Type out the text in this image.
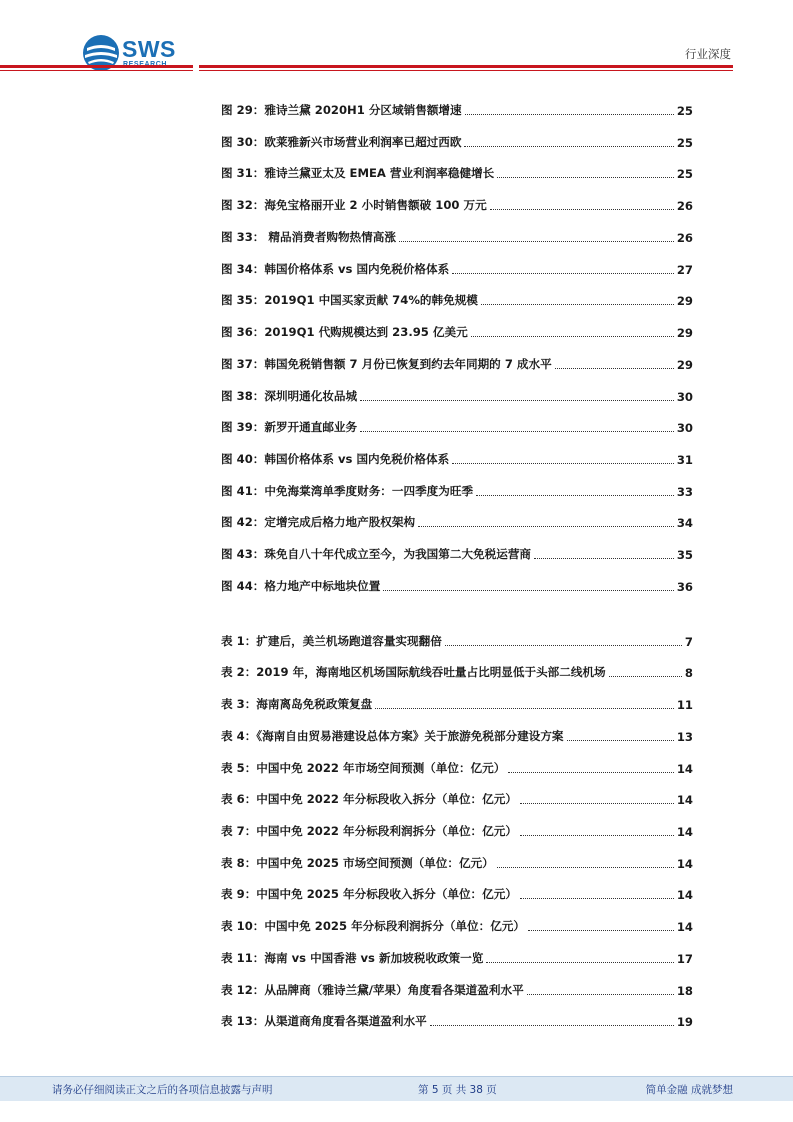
SWS	行业深度
图 29：雅诗兰黛 2020H1 分区域销售额增速	25
图 30：欧莱雅新兴市场营业利润率已超过西欧	25
图 31：雅诗兰黛亚太及 EMEA 营业利润率稳健增长	25
图 32：海免宝格丽开业 2 小时销售额破 100 万元	26
图 33： 精品消费者购物热情高涨	26
图 34：韩国价格体系 vs 国内免税价格体系	27
图 35：2019Q1 中国买家贡献 74%的韩免规模	29
图 36：2019Q1 代购规模达到 23.95 亿美元	29
图 37：韩国免税销售额 7 月份已恢复到约去年同期的 7 成水平	29
图 38：深圳明通化妆品城	30
图 39：新罗开通直邮业务	30
图 40：韩国价格体系 vs 国内免税价格体系	31
图 41：中免海棠湾单季度财务：一四季度为旺季	33
图 42：定增完成后格力地产股权架构	34
图 43：珠免自八十年代成立至今，为我国第二大免税运营商	35
图 44：格力地产中标地块位置	36
表 1：扩建后，美兰机场跑道容量实现翻倍	7
表 2：2019 年，海南地区机场国际航线吞吐量占比明显低于头部二线机场	8
表 3：海南离岛免税政策复盘	11
表 4：《海南自由贸易港建设总体方案》关于旅游免税部分建设方案	13
表 5：中国中免 2022 年市场空间预测（单位：亿元）	14
表 6：中国中免 2022 年分标段收入拆分（单位：亿元）	14
表 7：中国中免 2022 年分标段利润拆分（单位：亿元）	14
表 8：中国中免 2025 市场空间预测（单位：亿元）	14
表 9：中国中免 2025 年分标段收入拆分（单位：亿元）	14
表 10：中国中免 2025 年分标段利润拆分（单位：亿元）	14
表 11：海南 vs 中国香港 vs 新加坡税收政策一览	17
表 12：从品牌商（雅诗兰黛/苹果）角度看各渠道盈利水平	18
表 13：从渠道商角度看各渠道盈利水平	19
请务必仔细阅读正文之后的各项信息披露与声明	第 5 页 共 38 页	简单金融 成就梦想
